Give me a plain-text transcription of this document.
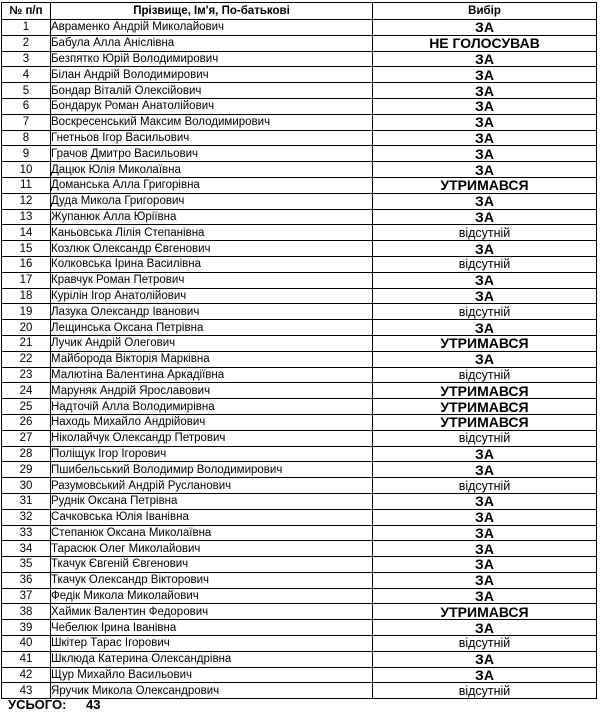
№ п/п	Прізвище, Ім'я, По-батькові	Вибір
1	Авраменко Андрій Миколайович	ЗА
2	Бабула Алла Аніслівна	НЕ ГОЛОСУВАВ
3	Безпятко Юрій Володимирович	ЗА
4	Білан Андрій Володимирович	ЗА
5	Бондар Віталій Олексійович	ЗА
6	Бондарук Роман Анатолійович	ЗА
7	Воскресенський Максим Володимирович	ЗА
8	Гнетньов Ігор Васильович	ЗА
9	Грачов Дмитро Васильович	ЗА
10	Дацюк Юлія Миколаївна	ЗА
11	Доманська Алла Григорівна	УТРИМАВСЯ
12	Дуда Микола Григорович	ЗА
13	Жупанюк Алла Юріївна	ЗА
14	Каньовська Лілія Степанівна	відсутній
15	Козлюк Олександр Євгенович	ЗА
16	Колковська Ірина Василівна	відсутній
17	Кравчук Роман Петрович	ЗА
18	Курілін Ігор Анатолійович	ЗА
19	Лазука Олександр Іванович	відсутній
20	Лещинська Оксана Петрівна	ЗА
21	Лучик Андрій Олегович	УТРИМАВСЯ
22	Майборода Вікторія Марківна	ЗА
23	Малютіна Валентина Аркадіївна	відсутній
24	Маруняк Андрій Ярославович	УТРИМАВСЯ
25	Надточій Алла Володимирівна	УТРИМАВСЯ
26	Находь Михайло Андрійович	УТРИМАВСЯ
27	Ніколайчук Олександр Петрович	відсутній
28	Поліщук Ігор Ігорович	ЗА
29	Пшибельський Володимир Володимирович	ЗА
30	Разумовський Андрій Русланович	відсутній
31	Руднік Оксана Петрівна	ЗА
32	Сачковська Юлія Іванівна	ЗА
33	Степанюк Оксана Миколаївна	ЗА
34	Тарасюк Олег Миколайович	ЗА
35	Ткачук Євгеній Євгенович	ЗА
36	Ткачук Олександр Вікторович	ЗА
37	Федік Микола Миколайович	ЗА
38	Хаймик Валентин Федорович	УТРИМАВСЯ
39	Чебелюк Ірина Іванівна	ЗА
40	Шкітер Тарас Ігорович	відсутній
41	Шклюда Катерина Олександрівна	ЗА
42	Щур Михайло Васильович	ЗА
43	Яручик Микола Олександрович	відсутній
УСЬОГО: 43
